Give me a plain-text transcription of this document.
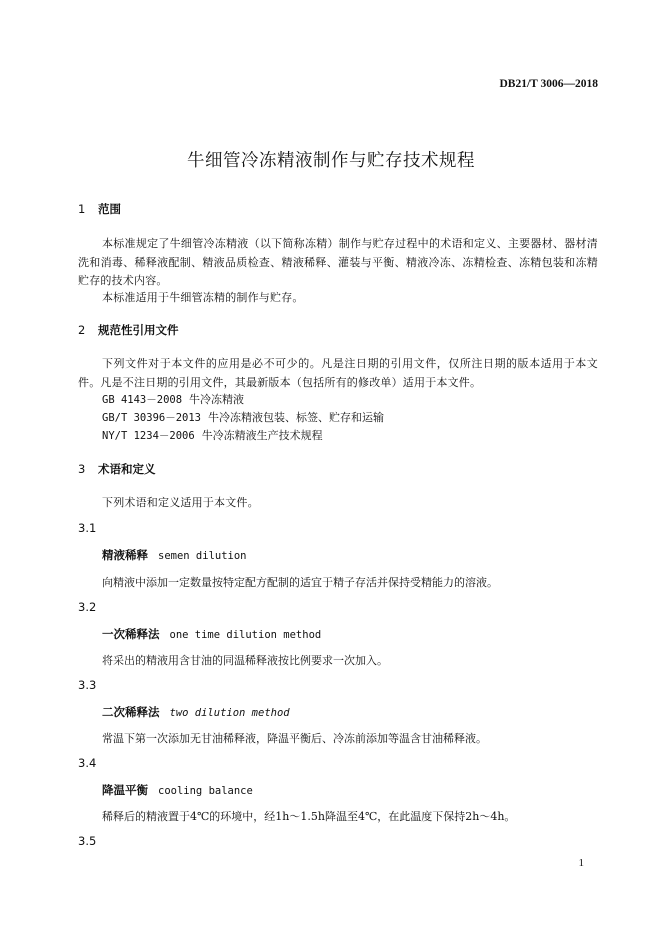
DB21/T 3006—2018
牛细管冷冻精液制作与贮存技术规程
1 范围
本标准规定了牛细管冷冻精液（以下简称冻精）制作与贮存过程中的术语和定义、主要器材、器材清洗和消毒、稀释液配制、精液品质检查、精液稀释、灌装与平衡、精液冷冻、冻精检查、冻精包装和冻精贮存的技术内容。
本标准适用于牛细管冻精的制作与贮存。
2 规范性引用文件
下列文件对于本文件的应用是必不可少的。凡是注日期的引用文件，仅所注日期的版本适用于本文件。凡是不注日期的引用文件，其最新版本（包括所有的修改单）适用于本文件。
GB 4143－2008 牛冷冻精液
GB/T 30396－2013 牛冷冻精液包装、标签、贮存和运输
NY/T 1234－2006 牛冷冻精液生产技术规程
3 术语和定义
下列术语和定义适用于本文件。
3.1
精液稀释 semen dilution
向精液中添加一定数量按特定配方配制的适宜于精子存活并保持受精能力的溶液。
3.2
一次稀释法 one time dilution method
将采出的精液用含甘油的同温稀释液按比例要求一次加入。
3.3
二次稀释法 two dilution method
常温下第一次添加无甘油稀释液，降温平衡后、冷冻前添加等温含甘油稀释液。
3.4
降温平衡 cooling balance
稀释后的精液置于4℃的环境中，经1h～1.5h降温至4℃，在此温度下保持2h～4h。
3.5
1
